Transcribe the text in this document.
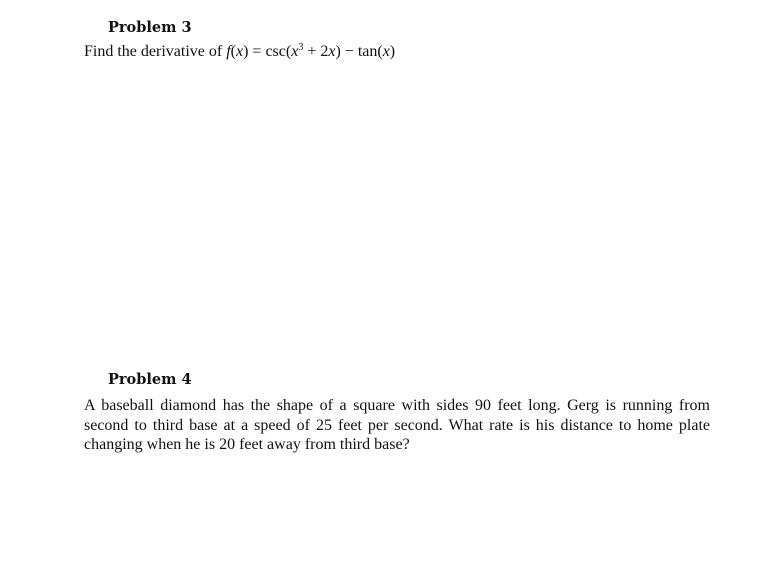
Problem 3
Find the derivative of $f(x) = \csc(x^3 + 2x) - \tan(x)$
Problem 4
A baseball diamond has the shape of a square with sides 90 feet long. Gerg is running from second to third base at a speed of 25 feet per second. What rate is his distance to home plate changing when he is 20 feet away from third base?
